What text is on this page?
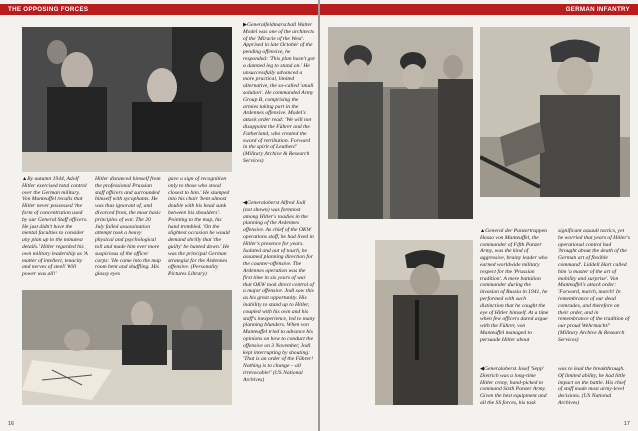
THE OPPOSING FORCES

▲By autumn 1944, Adolf Hitler exercised total control over the German military. Von Manteuffel recalls that Hitler never possessed 'the form of concentration used by our General Staff officers. He just didn't have the mental faculties to consider any plan up to the minutest details.' Hitler regarded his own military leadership as 'A matter of intellect, tenacity and nerves of steel! Will power was all!'

Hitler distanced himself from the professional Prussian staff officers and surrounded himself with sycophants. He was thus ignorant of, and divorced from, the most basic principles of war. The 20 July failed assassination attempt took a heavy physical and psychological toll and made him ever more suspicious of the officer corps: 'He came into the map room bent and shuffling. His glassy eyes

gave a sign of recognition only to those who stood closest to him.' He slumped into his chair 'bent almost double with his head sunk between his shoulders'. Pointing to the map, his hand trembled. 'On the slightest occasion he would demand shrilly that 'the guilty' be hunted down.' He was the principal German strategist for the Ardennes offensive. (Personality Pictures Library)

16

▶Generalfeldmarschall Walter Model was one of the architects of the 'Miracle of the West'. Apprised in late October of the pending offensive, he responded: 'This plan hasn't got a damned leg to stand on.' He unsuccessfully advanced a more practical, limited alternative, the so-called 'small solution'. He commanded Army Group B, comprising the armies taking part in the Ardennes offensive. Model's attack order read: 'We will not disappoint the Führer and the Fatherland, who created the sword of retribution. Forward in the spirit of Leuthen!' (Military Archive & Research Services)

◀Generaloberst Alfred Jodl (not shown) was foremost among Hitler's toadies in the planning of the Ardennes offensive. As chief of the OKW operations staff, he had lived in Hitler's presence for years. Isolated and out of touch, he assumed planning direction for the counter-offensive. The Ardennes operation was the first time in six years of war that OKW took direct control of a major offensive. Jodl saw this as his great opportunity. His inability to stand up to Hitler, coupled with his own and his staff's inexperience, led to many planning blunders. When von Manteuffel tried to advance his opinions on how to conduct the offensive on 3 November, Jodl kept interrupting by shouting: 'That is an order of the Führer! Nothing is to change – all irrevocable!' (US National Archives)

GERMAN INFANTRY

▲General der Panzertruppen Hasso von Manteuffel, the commander of Fifth Panzer Army, was the kind of aggressive, brainy leader who earned worldwide military respect for the 'Prussian tradition'. A mere battalion commander during the invasion of Russia in 1941, he performed with such distinction that he caught the eye of Hitler himself. At a time when few officers dared argue with the Führer, von Manteuffel managed to persuade Hitler about

significant assault tactics, yet he worried that years of Hitler's operational control had 'brought about the death of the German art of flexible command'. Liddell Hart called him 'a master of the art of mobility and surprise'. Von Manteuffel's attack order: 'Forward, march, march! In remembrance of our dead comrades, and therefore on their order, and in remembrance of the tradition of our proud Wehrmacht!' (Military Archive & Research Services)

◀Generaloberst Josef 'Sepp' Dietrich was a long-time Hitler crony, hand-picked to command Sixth Panzer Army. Given the best equipment and all the SS forces, his task

was to lead the breakthrough. Of limited ability, he had little impact on the battle. His chief of staff made most army-level decisions. (US National Archives)

17
